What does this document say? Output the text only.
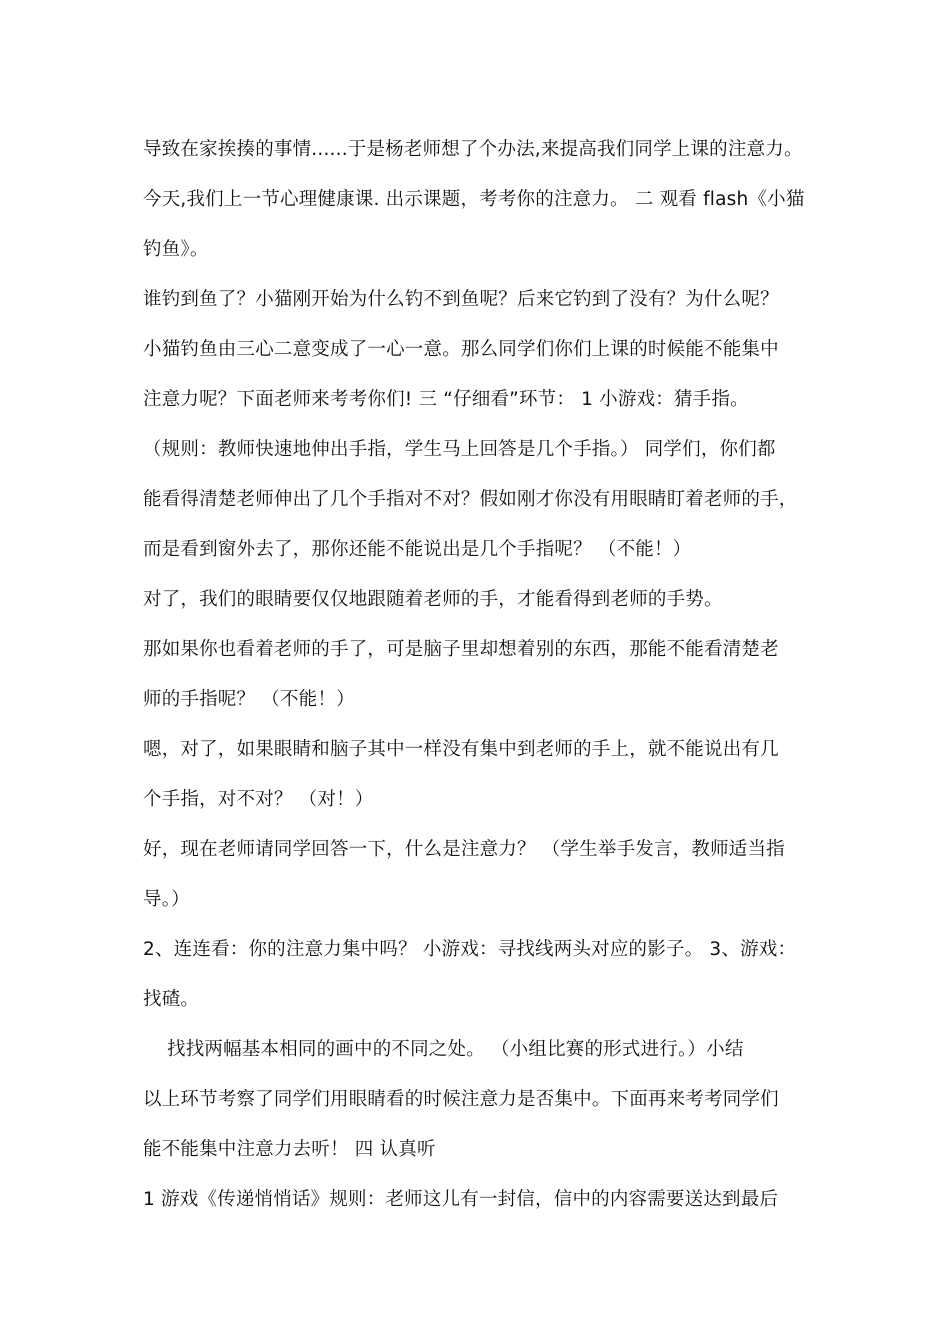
导致在家挨揍的事情......于是杨老师想了个办法,来提高我们同学上课的注意力。
今天,我们上一节心理健康课. 出示课题，考考你的注意力。 二 观看 flash《小猫
钓鱼》。
谁钓到鱼了？小猫刚开始为什么钓不到鱼呢？后来它钓到了没有？为什么呢？
小猫钓鱼由三心二意变成了一心一意。那么同学们你们上课的时候能不能集中
注意力呢？下面老师来考考你们! 三 “仔细看”环节： 1 小游戏：猜手指。
（规则：教师快速地伸出手指，学生马上回答是几个手指。） 同学们，你们都
能看得清楚老师伸出了几个手指对不对？假如刚才你没有用眼睛盯着老师的手，
而是看到窗外去了，那你还能不能说出是几个手指呢？ （不能！）
对了，我们的眼睛要仅仅地跟随着老师的手，才能看得到老师的手势。
那如果你也看着老师的手了，可是脑子里却想着别的东西，那能不能看清楚老
师的手指呢？ （不能！）
嗯，对了，如果眼睛和脑子其中一样没有集中到老师的手上，就不能说出有几
个手指，对不对？ （对！）
好，现在老师请同学回答一下，什么是注意力？ （学生举手发言，教师适当指
导。）
2、连连看：你的注意力集中吗？ 小游戏：寻找线两头对应的影子。 3、游戏：
找碴。
找找两幅基本相同的画中的不同之处。 （小组比赛的形式进行。）小结
以上环节考察了同学们用眼睛看的时候注意力是否集中。下面再来考考同学们
能不能集中注意力去听！ 四 认真听
1 游戏《传递悄悄话》规则：老师这儿有一封信，信中的内容需要送达到最后
